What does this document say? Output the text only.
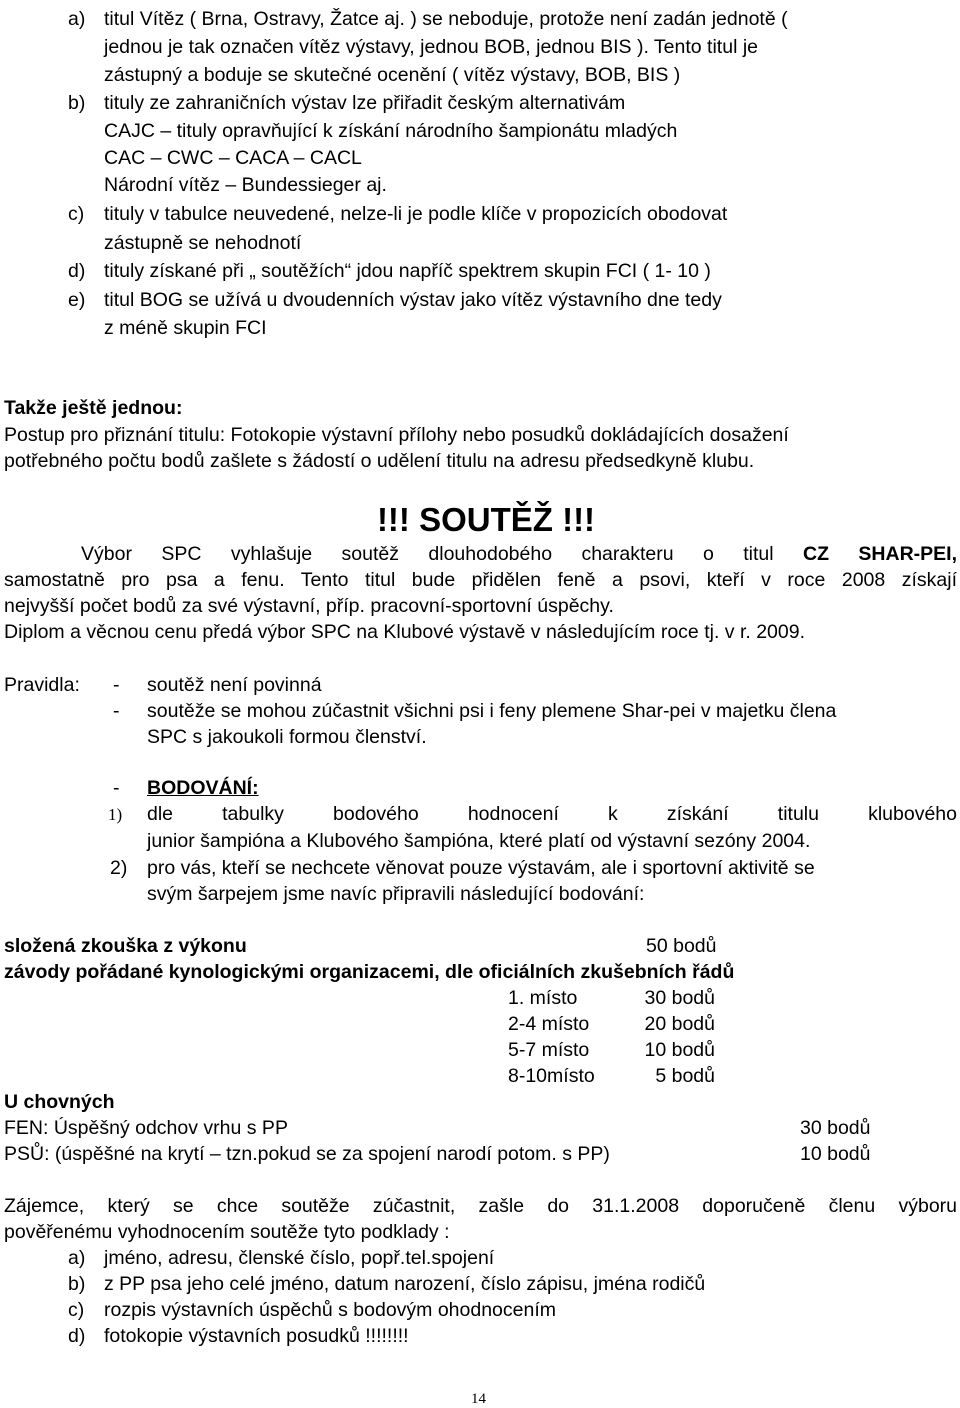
a) titul Vítěz ( Brna, Ostravy, Žatce aj. ) se neboduje, protože není zadán jednotě (
jednou je tak označen vítěz výstavy, jednou BOB, jednou BIS ). Tento titul je
zástupný a boduje se skutečné ocenění ( vítěz výstavy, BOB, BIS )
b) tituly ze zahraničních výstav lze přiřadit českým alternativám
CAJC – tituly opravňující k získání národního šampionátu mladých
CAC – CWC – CACA – CACL
Národní vítěz – Bundessieger aj.
c) tituly v tabulce neuvedené, nelze-li je podle klíče v propozicích obodovat
zástupně se nehodnotí
d) tituly získané při „ soutěžích“ jdou napříč spektrem skupin FCI ( 1- 10 )
e) titul BOG se užívá u dvoudenních výstav jako vítěz výstavního dne tedy
z méně skupin FCI
Takže ještě jednou:
Postup pro přiznání titulu: Fotokopie výstavní přílohy nebo posudků dokládajících dosažení
potřebného počtu bodů zašlete s žádostí o udělení titulu na adresu předsedkyně klubu.
!!! SOUTĚŽ !!!
Výbor SPC vyhlašuje soutěž dlouhodobého charakteru o titul CZ SHAR-PEI,
samostatně pro psa a fenu. Tento titul bude přidělen feně a psovi, kteří v roce 2008 získají
nejvyšší počet bodů za své výstavní, příp. pracovní-sportovní úspěchy.
Diplom a věcnou cenu předá výbor SPC na Klubové výstavě v následujícím roce tj. v r. 2009.
Pravidla: - soutěž není povinná
- soutěže se mohou zúčastnit všichni psi i feny plemene Shar-pei v majetku člena
SPC s jakoukoli formou členství.
- BODOVÁNÍ:
1) dle tabulky bodového hodnocení k získání titulu klubového
junior šampióna a Klubového šampióna, které platí od výstavní sezóny 2004.
2) pro vás, kteří se nechcete věnovat pouze výstavám, ale i sportovní aktivitě se
svým šarpejem jsme navíc připravili následující bodování:
složená zkouška z výkonu	50 bodů
závody pořádané kynologickými organizacemi, dle oficiálních zkušebních řádů
1. místo	30 bodů
2-4 místo	20 bodů
5-7 místo	10 bodů
8-10místo	5 bodů
U chovných
FEN: Úspěšný odchov vrhu s PP	30 bodů
PSŮ: (úspěšné na krytí – tzn.pokud se za spojení narodí potom. s PP)	10 bodů
Zájemce, který se chce soutěže zúčastnit, zašle do 31.1.2008 doporučeně členu výboru
pověřenému vyhodnocením soutěže tyto podklady :
a) jméno, adresu, členské číslo, popř.tel.spojení
b) z PP psa jeho celé jméno, datum narození, číslo zápisu, jména rodičů
c) rozpis výstavních úspěchů s bodovým ohodnocením
d) fotokopie výstavních posudků !!!!!!!!
14
